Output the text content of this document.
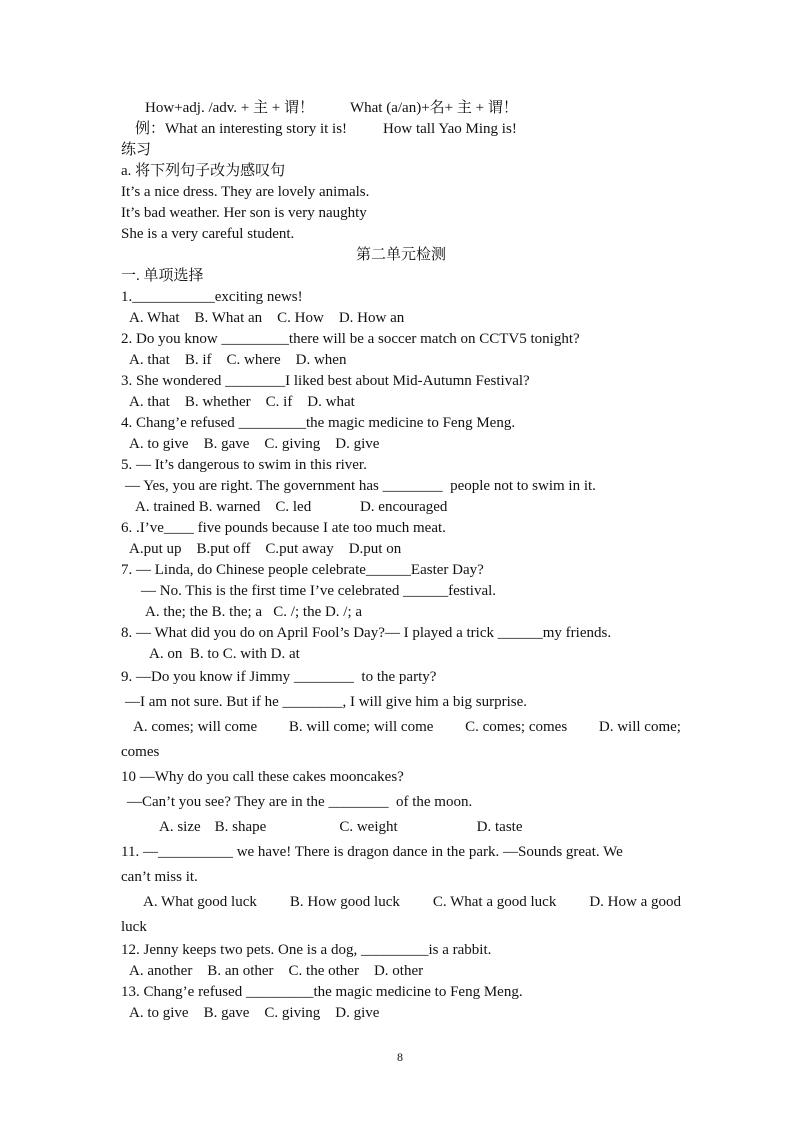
How+adj. /adv. + 主 + 谓！ What (a/an)+名+ 主 + 谓！
例：What an interesting story it is! How tall Yao Ming is!
练习
a. 将下列句子改为感叹句
It’s a nice dress. They are lovely animals.
It’s bad weather. Her son is very naughty
She is a very careful student.
第二单元检测
一. 单项选择
1.___________exciting news!
A. What    B. What an    C. How    D. How an
2. Do you know _________there will be a soccer match on CCTV5 tonight?
A. that    B. if    C. where    D. when
3. She wondered ________I liked best about Mid-Autumn Festival?
A. that    B. whether    C. if    D. what
4. Chang’e refused _________the magic medicine to Feng Meng.
A. to give    B. gave    C. giving    D. give
5. — It’s dangerous to swim in this river.
— Yes, you are right. The government has ________  people not to swim in it.
A. trained B. warned    C. led             D. encouraged
6. .I’ve____ five pounds because I ate too much meat.
A.put up    B.put off    C.put away    D.put on
7. — Linda, do Chinese people celebrate______Easter Day?
— No. This is the first time I’ve celebrated ______festival.
A. the; the B. the; a   C. /; the D. /; a
8. — What did you do on April Fool’s Day?— I played a trick ______my friends.
A. on  B. to C. with D. at
9. —Do you know if Jimmy ________  to the party?
—I am not sure. But if he ________, I will give him a big surprise.
A. comes; will come B. will come; will come C. comes; comes D. will come;
comes
10 —Why do you call these cakes mooncakes?
—Can’t you see? They are in the ________  of the moon.
A. size B. shape	C. weight	D. taste
11. —__________ we have! There is dragon dance in the park. —Sounds great. We
can’t miss it.
A. What good luck B. How good luck C. What a good luck D. How a good
luck
12. Jenny keeps two pets. One is a dog, _________is a rabbit.
A. another    B. an other    C. the other    D. other
13. Chang’e refused _________the magic medicine to Feng Meng.
A. to give    B. gave    C. giving    D. give
8
